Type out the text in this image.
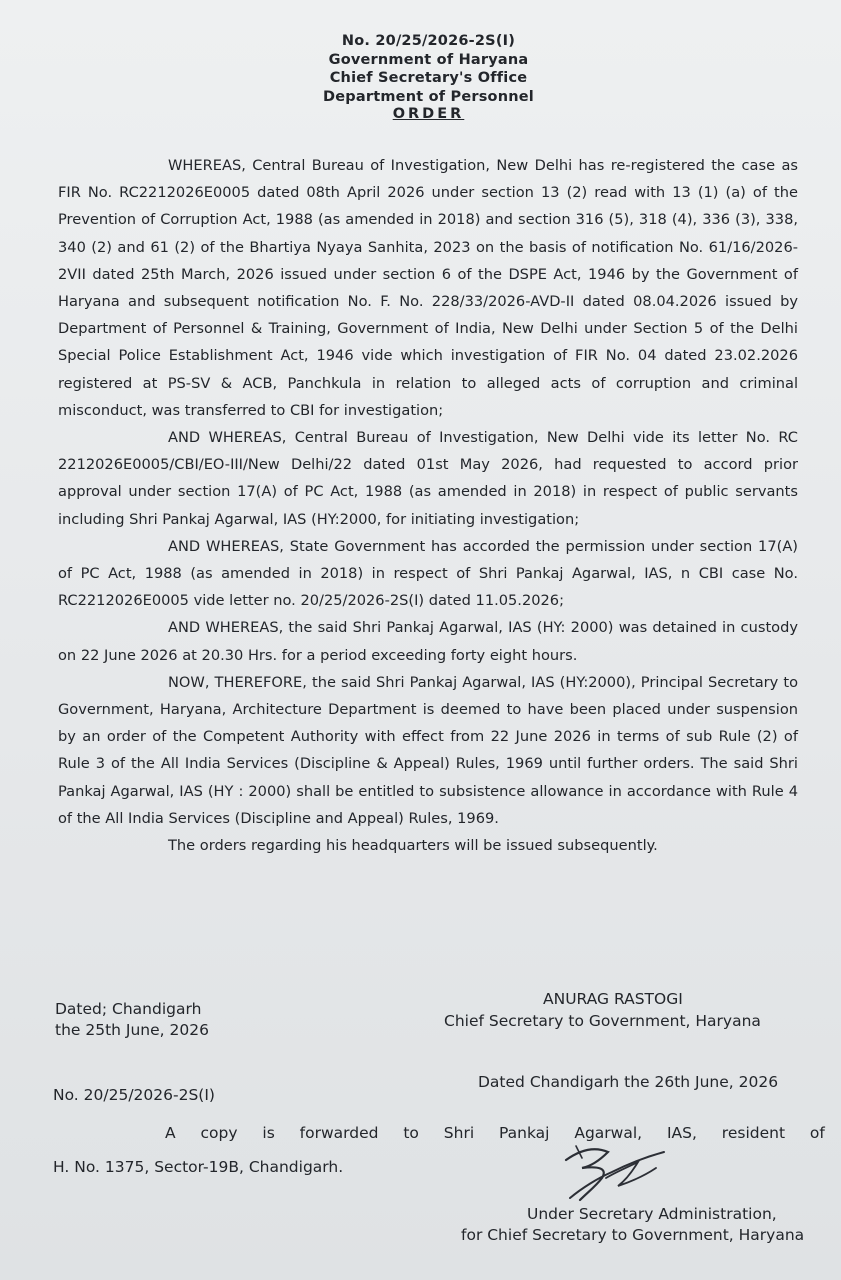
No. 20/25/2026-2S(I)
Government of Haryana
Chief Secretary's Office
Department of Personnel
ORDER

WHEREAS, Central Bureau of Investigation, New Delhi has re-registered the case as FIR No. RC2212026E0005 dated 08th April 2026 under section 13 (2) read with 13 (1) (a) of the Prevention of Corruption Act, 1988 (as amended in 2018) and section 316 (5), 318 (4), 336 (3), 338, 340 (2) and 61 (2) of the Bhartiya Nyaya Sanhita, 2023 on the basis of notification No. 61/16/2026-2VII dated 25th March, 2026 issued under section 6 of the DSPE Act, 1946 by the Government of Haryana and subsequent notification No. F. No. 228/33/2026-AVD-II dated 08.04.2026 issued by Department of Personnel & Training, Government of India, New Delhi under Section 5 of the Delhi Special Police Establishment Act, 1946 vide which investigation of FIR No. 04 dated 23.02.2026 registered at PS-SV & ACB, Panchkula in relation to alleged acts of corruption and criminal misconduct, was transferred to CBI for investigation;

AND WHEREAS, Central Bureau of Investigation, New Delhi vide its letter No. RC 2212026E0005/CBI/EO-III/New Delhi/22 dated 01st May 2026, had requested to accord prior approval under section 17(A) of PC Act, 1988 (as amended in 2018) in respect of public servants including Shri Pankaj Agarwal, IAS (HY:2000, for initiating investigation;

AND WHEREAS, State Government has accorded the permission under section 17(A) of PC Act, 1988 (as amended in 2018) in respect of Shri Pankaj Agarwal, IAS, n CBI case No. RC2212026E0005 vide letter no. 20/25/2026-2S(I) dated 11.05.2026;

AND WHEREAS, the said Shri Pankaj Agarwal, IAS (HY: 2000) was detained in custody on 22 June 2026 at 20.30 Hrs. for a period exceeding forty eight hours.

NOW, THEREFORE, the said Shri Pankaj Agarwal, IAS (HY:2000), Principal Secretary to Government, Haryana, Architecture Department is deemed to have been placed under suspension by an order of the Competent Authority with effect from 22 June 2026 in terms of sub Rule (2) of Rule 3 of the All India Services (Discipline & Appeal) Rules, 1969 until further orders. The said Shri Pankaj Agarwal, IAS (HY : 2000) shall be entitled to subsistence allowance in accordance with Rule 4 of the All India Services (Discipline and Appeal) Rules, 1969.

The orders regarding his headquarters will be issued subsequently.

Dated; Chandigarh
the 25th June, 2026
ANURAG RASTOGI
Chief Secretary to Government, Haryana
No. 20/25/2026-2S(I)
Dated Chandigarh the 26th June, 2026
A copy is forwarded to Shri Pankaj Agarwal, IAS, resident of
H. No. 1375, Sector-19B, Chandigarh.
Under Secretary Administration,
for Chief Secretary to Government, Haryana
